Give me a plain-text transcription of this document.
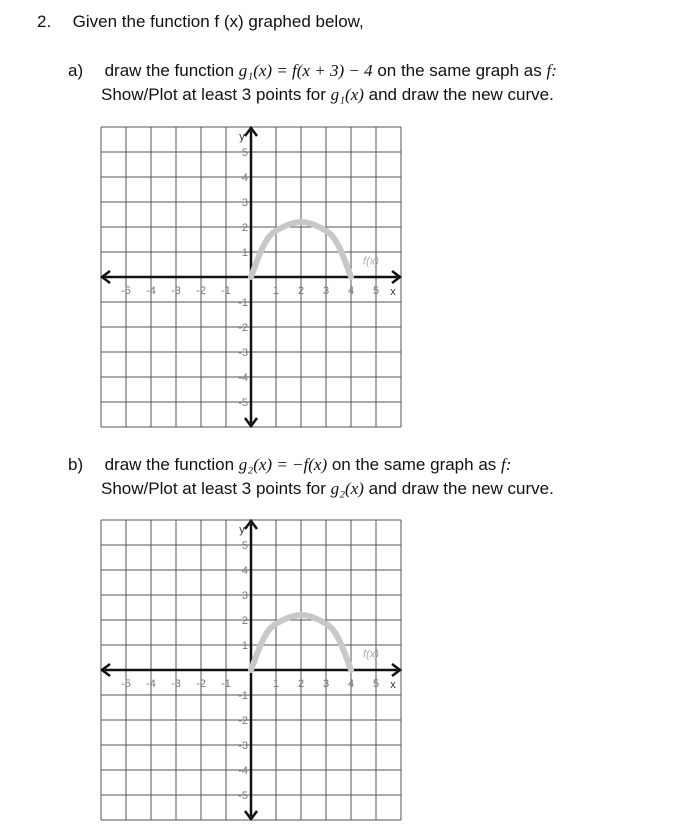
2. Given the function f (x) graphed below,
a) draw the function g₁(x) = f(x + 3) − 4 on the same graph as f:
Show/Plot at least 3 points for g₁(x) and draw the new curve.
-5 -4 -3 -2 -1	1 2 3 4 5
5
4
3
2
1
-1
-2
-3
-4
-5
x
y
f(x)
b) draw the function g₂(x) = −f(x) on the same graph as f:
Show/Plot at least 3 points for g₂(x) and draw the new curve.
-5 -4 -3 -2 -1	1 2 3 4 5
5
4
3
2
1
-1
-2
-3
-4
-5
x
y
f(x)
